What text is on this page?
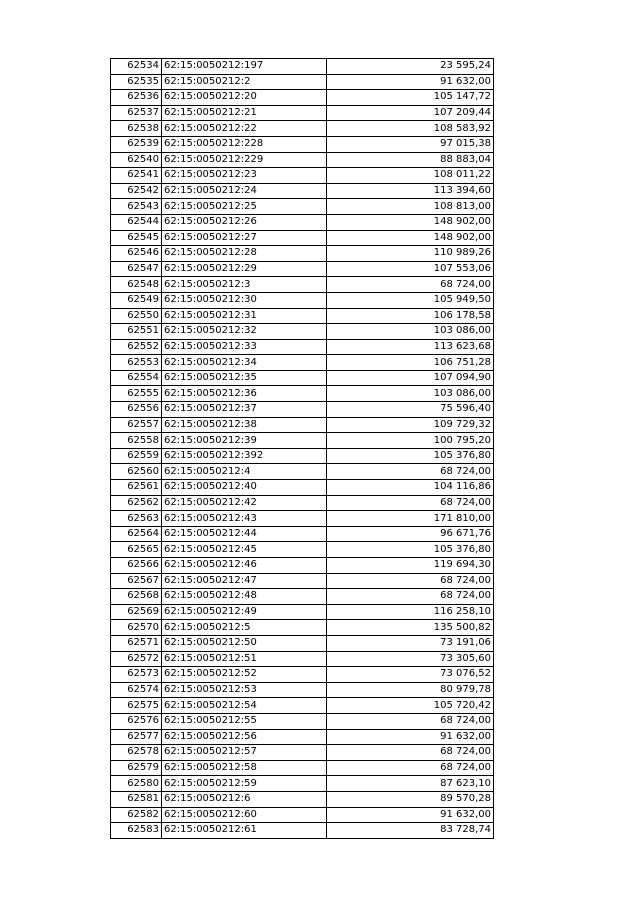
62534	62:15:0050212:197	23 595,24
62535	62:15:0050212:2	91 632,00
62536	62:15:0050212:20	105 147,72
62537	62:15:0050212:21	107 209,44
62538	62:15:0050212:22	108 583,92
62539	62:15:0050212:228	97 015,38
62540	62:15:0050212:229	88 883,04
62541	62:15:0050212:23	108 011,22
62542	62:15:0050212:24	113 394,60
62543	62:15:0050212:25	108 813,00
62544	62:15:0050212:26	148 902,00
62545	62:15:0050212:27	148 902,00
62546	62:15:0050212:28	110 989,26
62547	62:15:0050212:29	107 553,06
62548	62:15:0050212:3	68 724,00
62549	62:15:0050212:30	105 949,50
62550	62:15:0050212:31	106 178,58
62551	62:15:0050212:32	103 086,00
62552	62:15:0050212:33	113 623,68
62553	62:15:0050212:34	106 751,28
62554	62:15:0050212:35	107 094,90
62555	62:15:0050212:36	103 086,00
62556	62:15:0050212:37	75 596,40
62557	62:15:0050212:38	109 729,32
62558	62:15:0050212:39	100 795,20
62559	62:15:0050212:392	105 376,80
62560	62:15:0050212:4	68 724,00
62561	62:15:0050212:40	104 116,86
62562	62:15:0050212:42	68 724,00
62563	62:15:0050212:43	171 810,00
62564	62:15:0050212:44	96 671,76
62565	62:15:0050212:45	105 376,80
62566	62:15:0050212:46	119 694,30
62567	62:15:0050212:47	68 724,00
62568	62:15:0050212:48	68 724,00
62569	62:15:0050212:49	116 258,10
62570	62:15:0050212:5	135 500,82
62571	62:15:0050212:50	73 191,06
62572	62:15:0050212:51	73 305,60
62573	62:15:0050212:52	73 076,52
62574	62:15:0050212:53	80 979,78
62575	62:15:0050212:54	105 720,42
62576	62:15:0050212:55	68 724,00
62577	62:15:0050212:56	91 632,00
62578	62:15:0050212:57	68 724,00
62579	62:15:0050212:58	68 724,00
62580	62:15:0050212:59	87 623,10
62581	62:15:0050212:6	89 570,28
62582	62:15:0050212:60	91 632,00
62583	62:15:0050212:61	83 728,74
